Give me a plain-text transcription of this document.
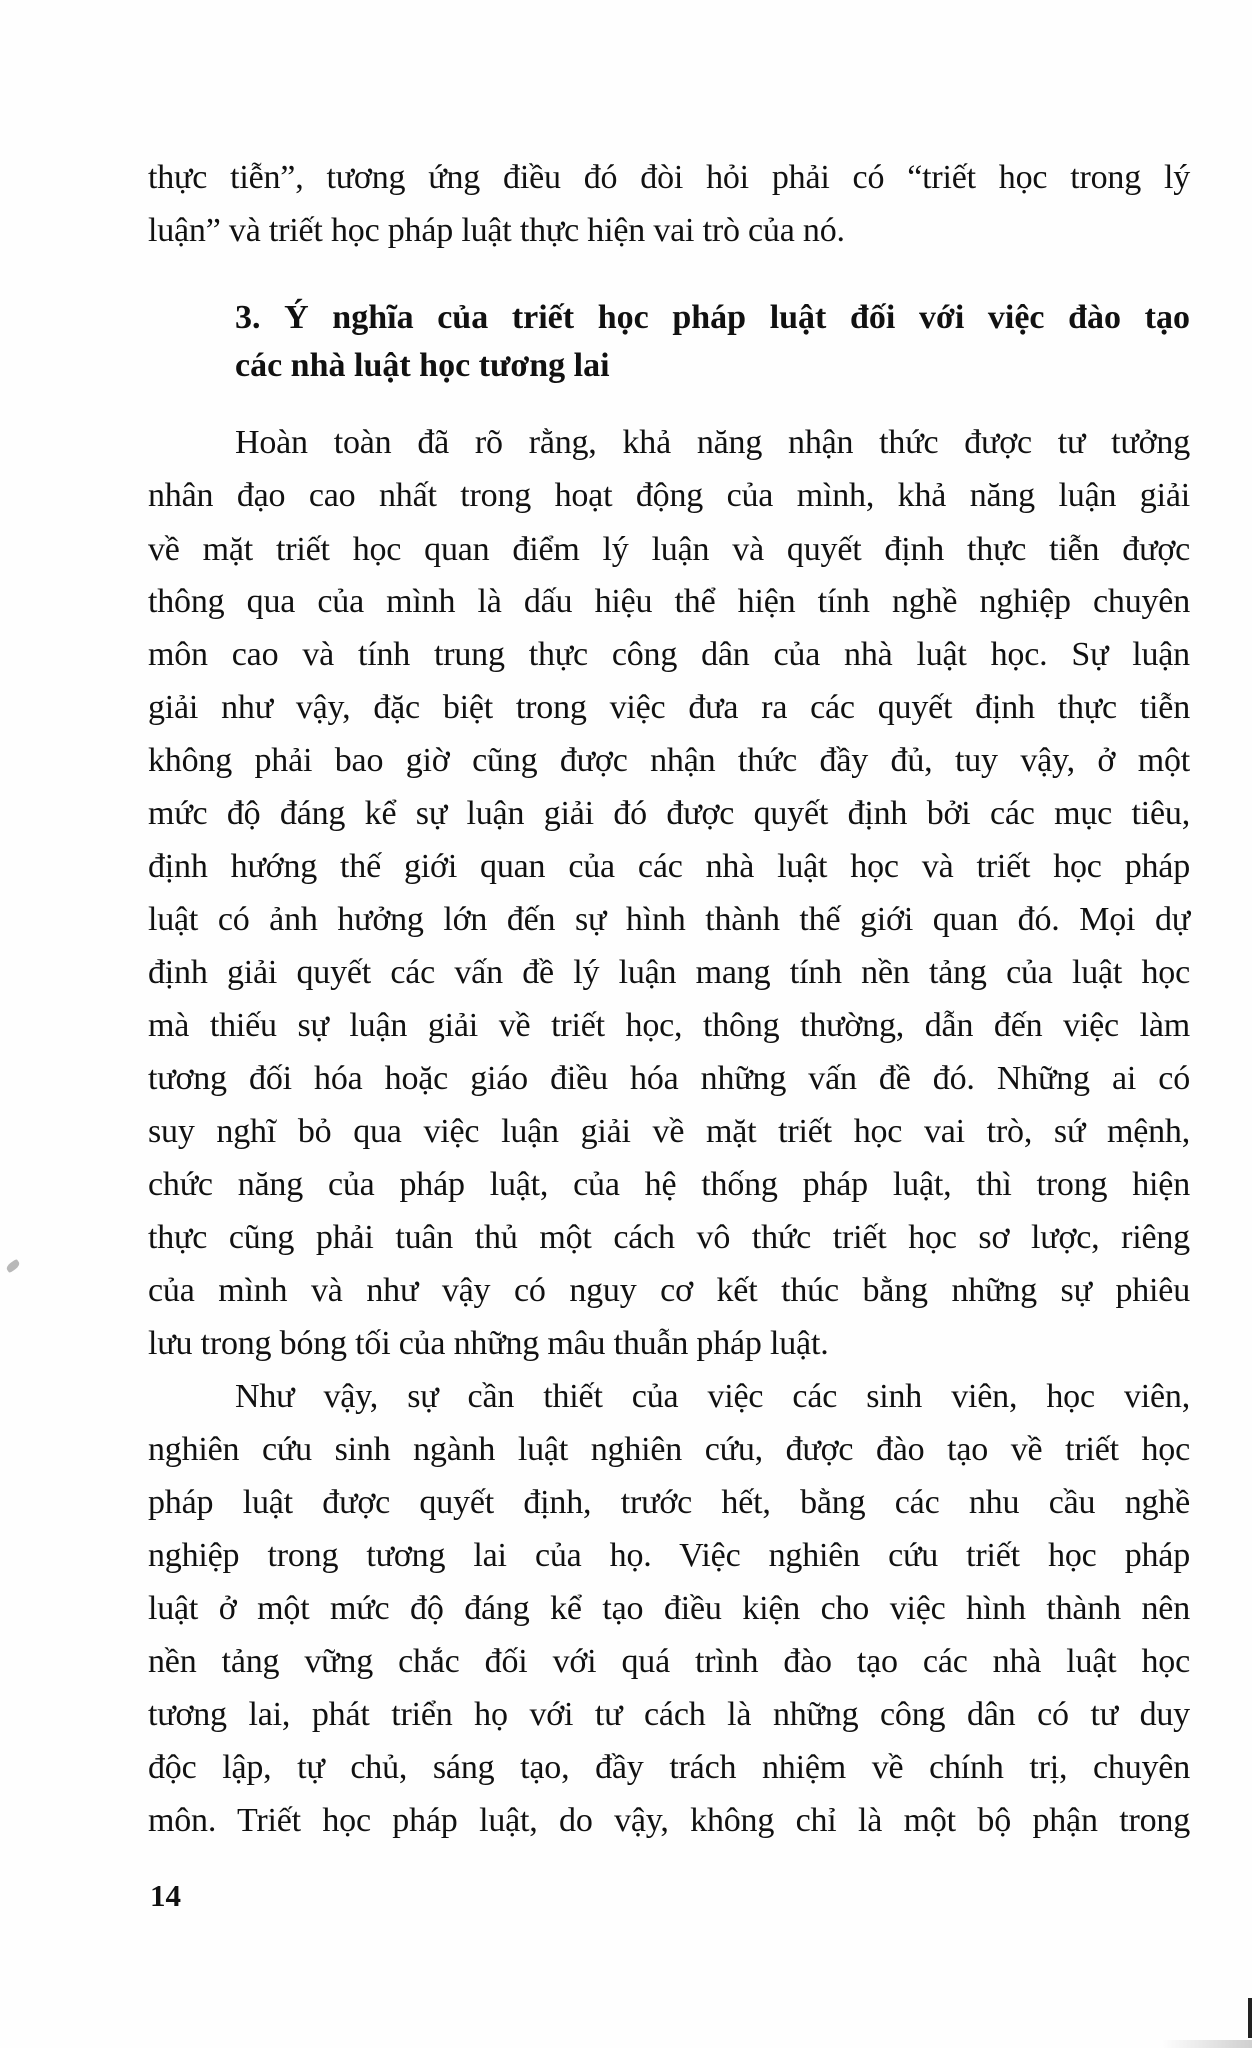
thực tiễn”, tương ứng điều đó đòi hỏi phải có “triết học trong lý
luận” và triết học pháp luật thực hiện vai trò của nó.
3. Ý nghĩa của triết học pháp luật đối với việc đào tạo
các nhà luật học tương lai
Hoàn toàn đã rõ rằng, khả năng nhận thức được tư tưởng
nhân đạo cao nhất trong hoạt động của mình, khả năng luận giải
về mặt triết học quan điểm lý luận và quyết định thực tiễn được
thông qua của mình là dấu hiệu thể hiện tính nghề nghiệp chuyên
môn cao và tính trung thực công dân của nhà luật học. Sự luận
giải như vậy, đặc biệt trong việc đưa ra các quyết định thực tiễn
không phải bao giờ cũng được nhận thức đầy đủ, tuy vậy, ở một
mức độ đáng kể sự luận giải đó được quyết định bởi các mục tiêu,
định hướng thế giới quan của các nhà luật học và triết học pháp
luật có ảnh hưởng lớn đến sự hình thành thế giới quan đó. Mọi dự
định giải quyết các vấn đề lý luận mang tính nền tảng của luật học
mà thiếu sự luận giải về triết học, thông thường, dẫn đến việc làm
tương đối hóa hoặc giáo điều hóa những vấn đề đó. Những ai có
suy nghĩ bỏ qua việc luận giải về mặt triết học vai trò, sứ mệnh,
chức năng của pháp luật, của hệ thống pháp luật, thì trong hiện
thực cũng phải tuân thủ một cách vô thức triết học sơ lược, riêng
của mình và như vậy có nguy cơ kết thúc bằng những sự phiêu
lưu trong bóng tối của những mâu thuẫn pháp luật.
Như vậy, sự cần thiết của việc các sinh viên, học viên,
nghiên cứu sinh ngành luật nghiên cứu, được đào tạo về triết học
pháp luật được quyết định, trước hết, bằng các nhu cầu nghề
nghiệp trong tương lai của họ. Việc nghiên cứu triết học pháp
luật ở một mức độ đáng kể tạo điều kiện cho việc hình thành nên
nền tảng vững chắc đối với quá trình đào tạo các nhà luật học
tương lai, phát triển họ với tư cách là những công dân có tư duy
độc lập, tự chủ, sáng tạo, đầy trách nhiệm về chính trị, chuyên
môn. Triết học pháp luật, do vậy, không chỉ là một bộ phận trong
14
